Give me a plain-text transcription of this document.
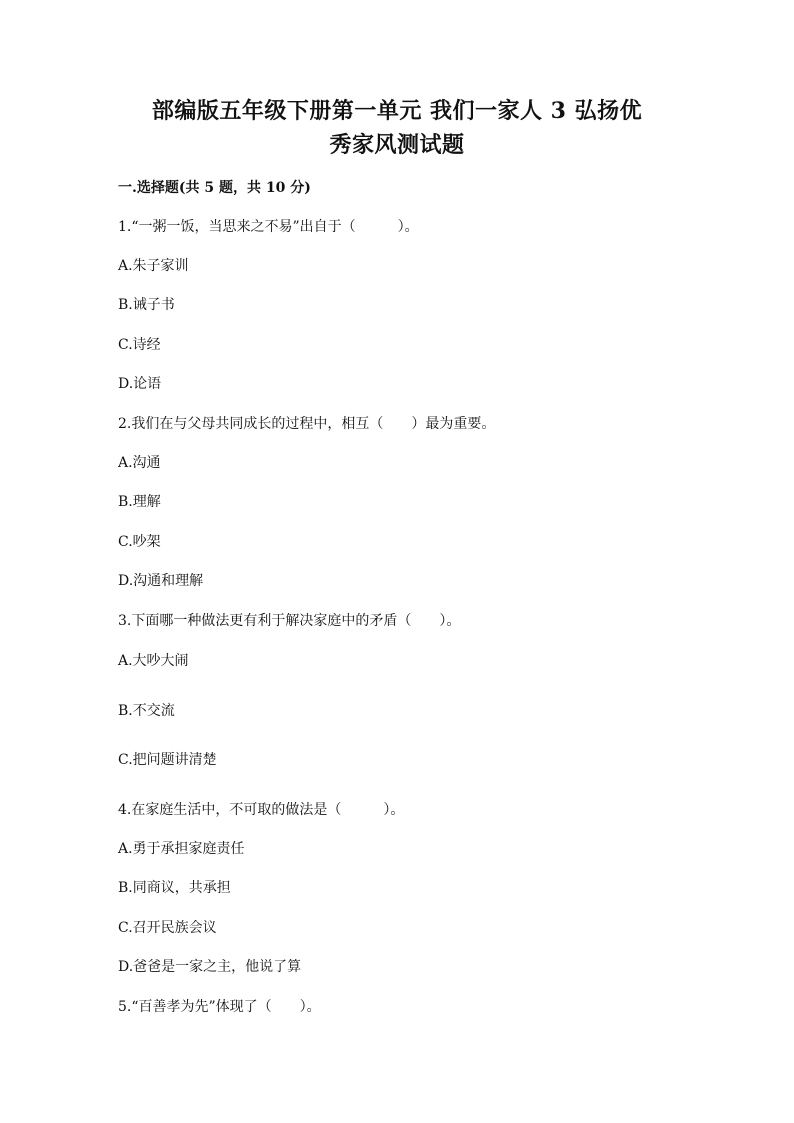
部编版五年级下册第一单元 我们一家人 3 弘扬优
秀家风测试题

一.选择题(共 5 题，共 10 分)

1.“一粥一饭，当思来之不易”出自于（　　　）。

A.朱子家训

B.诫子书

C.诗经

D.论语

2.我们在与父母共同成长的过程中，相互（　　）最为重要。

A.沟通

B.理解

C.吵架

D.沟通和理解

3.下面哪一种做法更有利于解决家庭中的矛盾（　　）。

A.大吵大闹

B.不交流

C.把问题讲清楚

4.在家庭生活中，不可取的做法是（　　　）。

A.勇于承担家庭责任

B.同商议，共承担

C.召开民族会议

D.爸爸是一家之主，他说了算

5.“百善孝为先”体现了（　　）。
